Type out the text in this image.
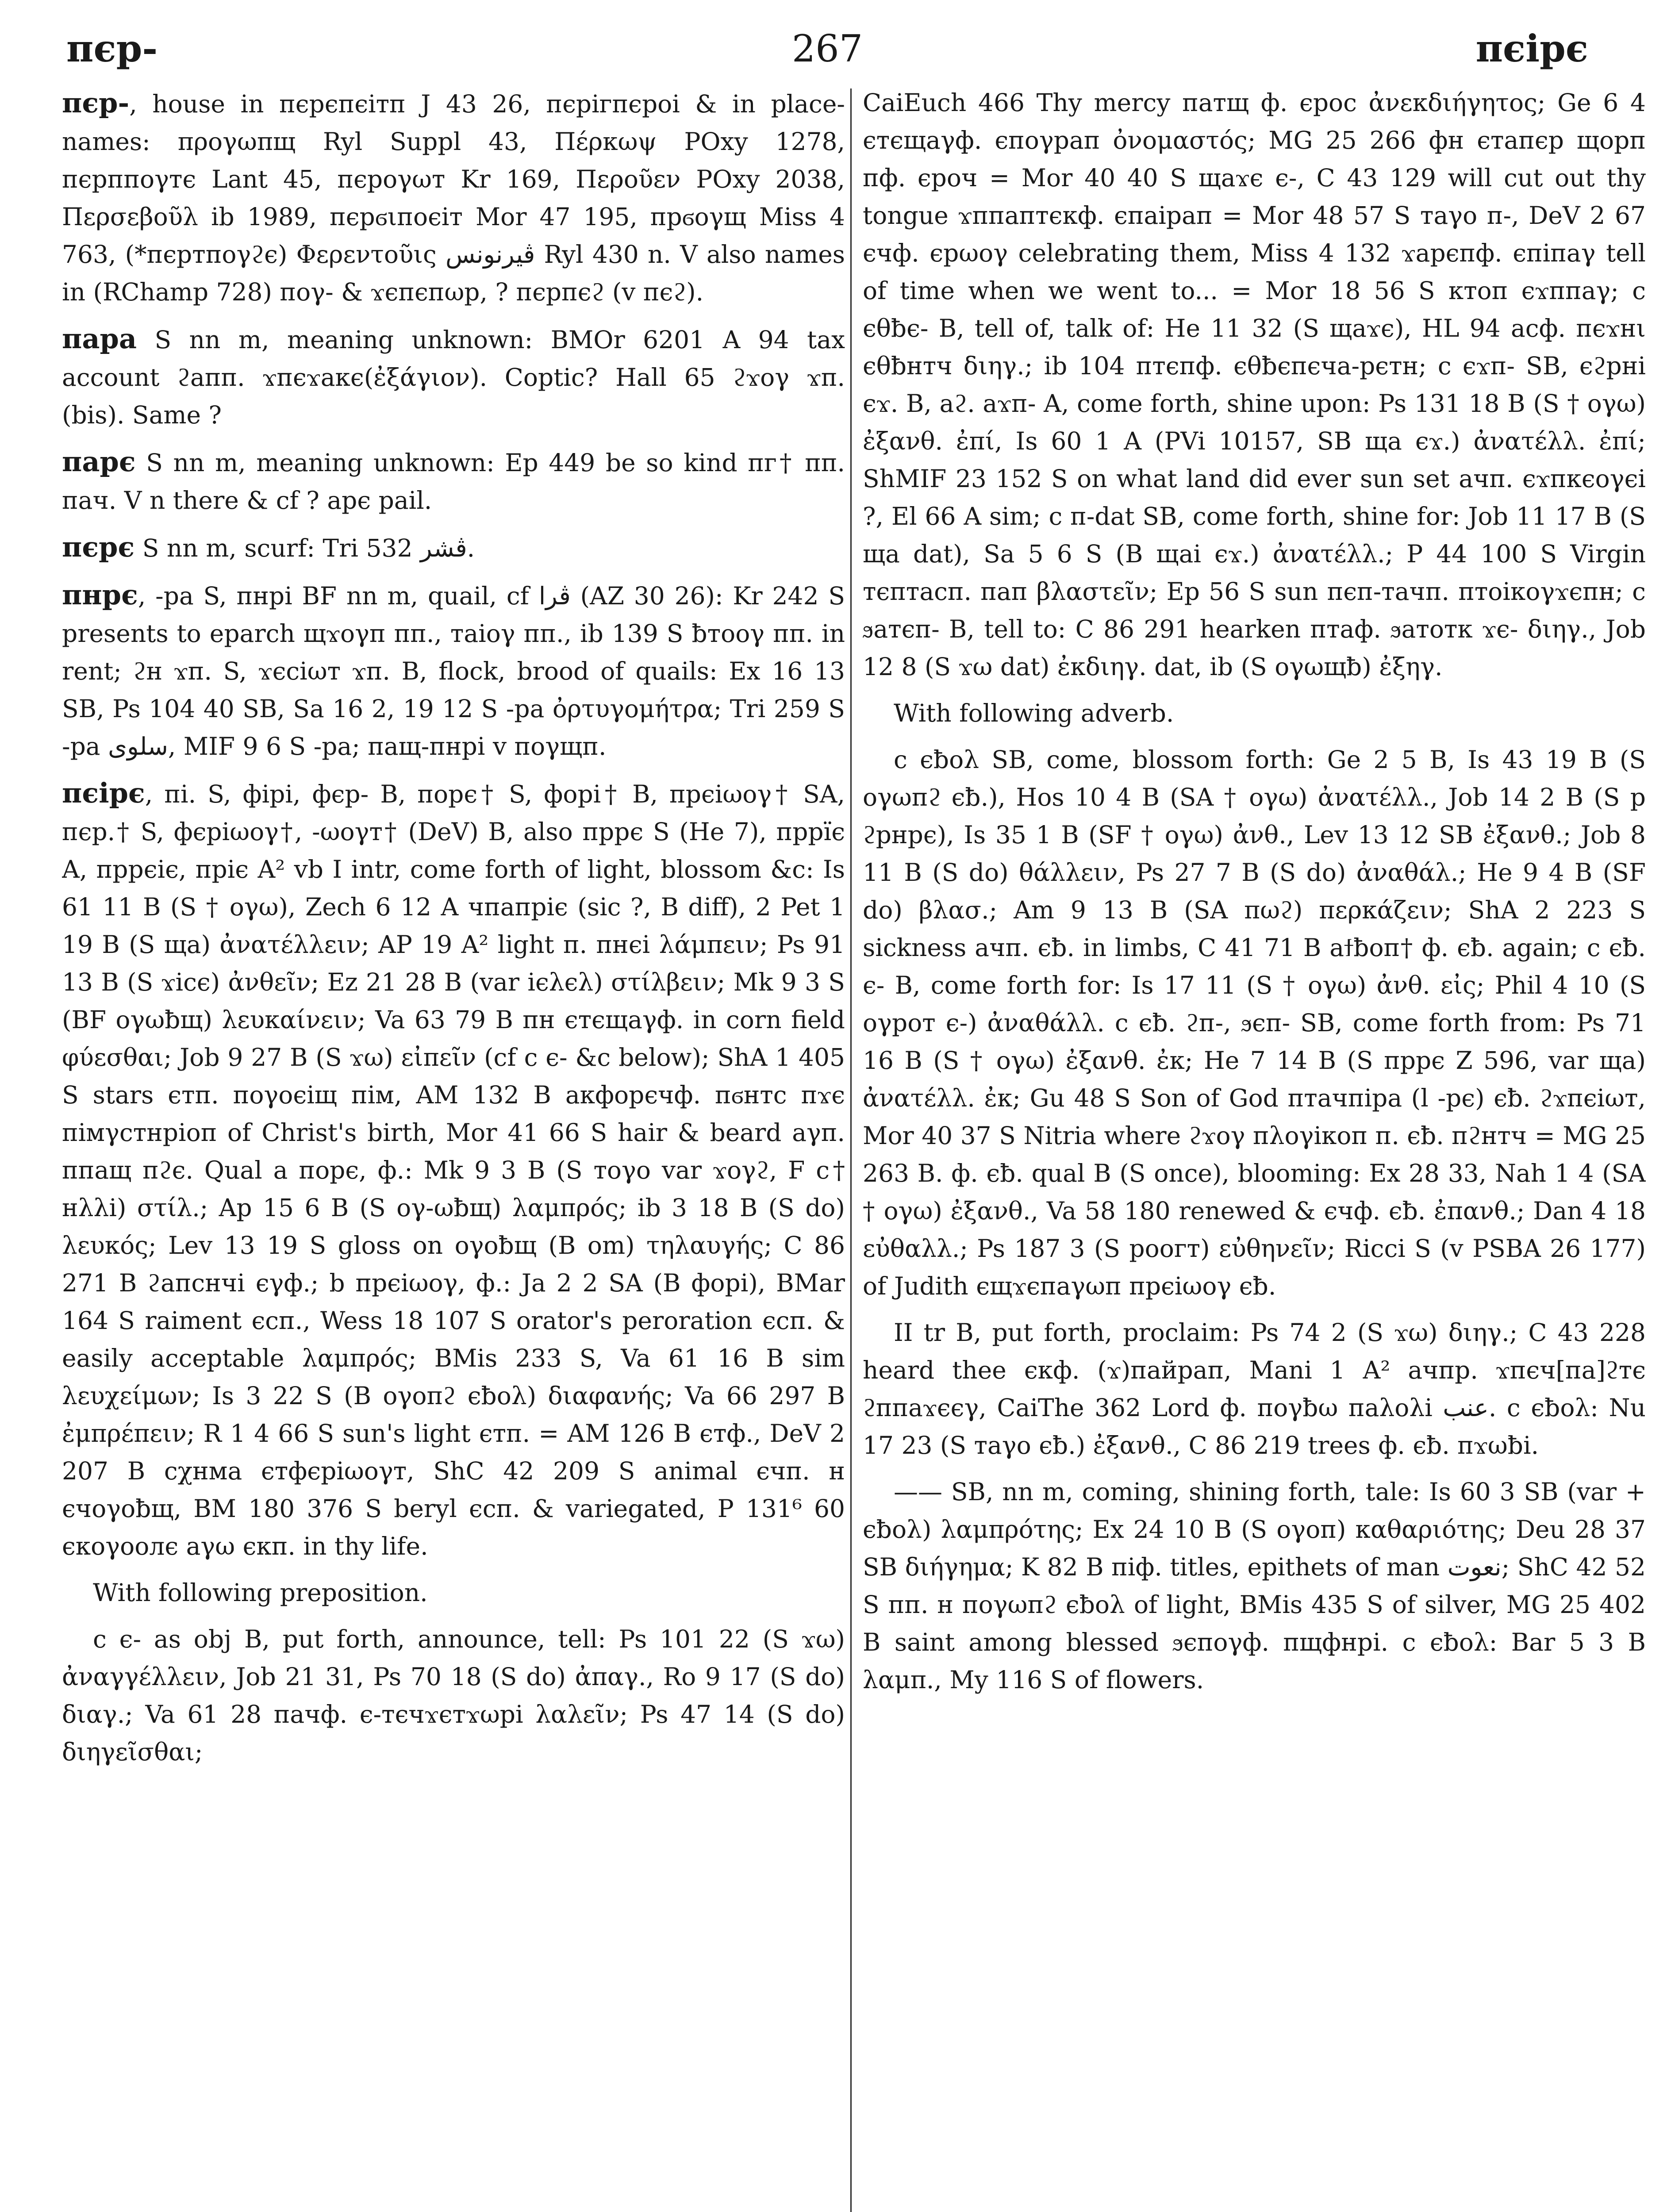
267
пєр-	пєірє

пєр-, house in пєрєпєітп J 43 26, пєрігпєроі & in place-names: προγωπщ Ryl Suppl 43, Πέρκωψ POxy 1278, пєрппоγтє Lant 45, пєроγωт Kr 169, Περοῦεν POxy 2038, Περσεβοῦλ ib 1989, пєрϭιпоєіт Mor 47 195, прϭоγщ Miss 4 763, (*пєртпоγϩє) Φερεντοῦις ڤيرنونس Ryl 430 n. V also names in (RChamp 728) поγ- & ϫєпєпωр, ? пєрпєϩ (v пєϩ).

пара S nn m, meaning unknown: BMOr 6201 A 94 tax account ϩапп. ϫпєϫакє(ἐξάγιον). Coptic? Hall 65 ϩϫоγ ϫп. (bis). Same ?

парє S nn m, meaning unknown: Ep 449 be so kind пг† пп. пач. V n there & cf ? арє pail.

пєрє S nn m, scurf: Tri 532 ڤشر.

пнрє, -ра S, пнрі BF nn m, quail, cf ڤرا (AZ 30 26): Kr 242 S presents to eparch щϫоγп пп., таіоγ пп., ib 139 S ƀтооγ пп. in rent; ϩн ϫп. S, ϫєсіωт ϫп. B, flock, brood of quails: Ex 16 13 SB, Ps 104 40 SB, Sa 16 2, 19 12 S -ра ὀρτυγομήτρα; Tri 259 S -ра سلوى, MIF 9 6 S -ра; пащ-пнрі v поγщп.

пєірє, пі. S, фірі, фєр- B, порє† S, форі† B, прєіωоγ† SA, пєр.† S, фєріωоγ†, -ωоγт† (DeV) B, also пррє S (He 7), пррїє A, пррєіє, пріє A² vb I intr, come forth of light, blossom &c: Is 61 11 B (S † оγω), Zech 6 12 A чпапріє (sic ?, B diff), 2 Pet 1 19 B (S щa) ἀνατέλλειν; AP 19 A² light п. пнєі λάμπειν; Ps 91 13 B (S ϫісє) ἀνθεῖν; Ez 21 28 B (var ієλєλ) στίλβειν; Mk 9 3 S (BF оγωƀщ) λευκαίνειν; Va 63 79 B пн єтєщаγф. in corn field φύεσθαι; Job 9 27 B (S ϫω) εἰπεῖν (cf c є- &c below); ShA 1 405 S stars єтп. поγоєіщ пім, AM 132 B акфорєчф. пϭнтс пϫє пімγстнріоп of Christ's birth, Mor 41 66 S hair & beard аγп. ппащ пϩє. Qual a порє, ф.: Mk 9 3 B (S тоγо var ϫоγϩ, F c† нλλі) στίλ.; Ap 15 6 B (S оγ-ωƀщ) λαμπρός; ib 3 18 B (S do) λευκός; Lev 13 19 S gloss on оγоƀщ (B om) τηλαυγής; C 86 271 B ϩапснчі єγф.; b прєіωоγ, ф.: Ja 2 2 SA (B форі), BMar 164 S raiment єсп., Wess 18 107 S orator's peroration єсп. & easily acceptable λαμπρός; BMis 233 S, Va 61 16 B sim λευχείμων; Is 3 22 S (B оγоπϩ єƀоλ) διαφανής; Va 66 297 B ἐμπρέπειν; R 1 4 66 S sun's light єтп. = AM 126 B єтф., DeV 2 207 B сχнма єтфєріωоγт, ShC 42 209 S animal єчп. н єчоγоƀщ, BM 180 376 S beryl єсп. & variegated, P 131⁶ 60 єкоγоолє аγω єкп. in thy life.

With following preposition.

c є- as obj B, put forth, announce, tell: Ps 101 22 (S ϫω) ἀναγγέλλειν, Job 21 31, Ps 70 18 (S do) ἀπαγ., Ro 9 17 (S do) διαγ.; Va 61 28 пачф. є-тєчϫєтϫωрі λαλεῖν; Ps 47 14 (S do) διηγεῖσθαι;

CaiEuch 466 Thy mercy патщ ф. єрос ἀνεκδιήγητος; Ge 6 4 єтєщаγф. єпоγрап ὀνομαστός; MG 25 266 фн єтапєр щорп пф. єроч = Mor 40 40 S щаϫє є-, C 43 129 will cut out thy tongue ϫппаптєкф. єпаірап = Mor 48 57 S таγо п-, DeV 2 67 єчф. єрωоγ celebrating them, Miss 4 132 ϫарєпф. єпіпаγ tell of time when we went to... = Mor 18 56 S ктоп єϫппаγ; c єθƀє- B, tell of, talk of: He 11 32 (S щаϫє), HL 94 асф. пєϫнι єθƀнтч διηγ.; ib 104 птєпф. єθƀєпєча-рєтн; c єϫп- SB, єϩрні єϫ. B, аϩ. аϫп- A, come forth, shine upon: Ps 131 18 B (S † оγω) ἐξανθ. ἐπί, Is 60 1 A (PVi 10157, SB щa єϫ.) ἀνατέλλ. ἐπί; ShMIF 23 152 S on what land did ever sun set ачп. єϫпкєоγєі ?, El 66 A sim; c п-dat SB, come forth, shine for: Job 11 17 B (S щa dat), Sa 5 6 S (B щаі єϫ.) ἀνατέλλ.; P 44 100 S Virgin тєптасп. пап βλαστεῖν; Ep 56 S sun пєп-тачп. птоікоγϫєпн; c ϧатєп- B, tell to: C 86 291 hearken птаф. ϧатотк ϫє- διηγ., Job 12 8 (S ϫω dat) ἐκδιηγ. dat, ib (S оγωщƀ) ἐξηγ.

With following adverb.

c єƀоλ SB, come, blossom forth: Ge 2 5 B, Is 43 19 B (S оγωпϩ єƀ.), Hos 10 4 B (SA † оγω) ἀνατέλλ., Job 14 2 B (S р ϩрнрє), Is 35 1 B (SF † оγω) ἀνθ., Lev 13 12 SB ἐξανθ.; Job 8 11 B (S do) θάλλειν, Ps 27 7 B (S do) ἀναθάλ.; He 9 4 B (SF do) βλασ.; Am 9 13 B (SA πωϩ) περκάζειν; ShA 2 223 S sickness ачп. єƀ. in limbs, C 41 71 B аϯƀоп† ф. єƀ. again; c єƀ. є- B, come forth for: Is 17 11 (S † оγω) ἀνθ. εἰς; Phil 4 10 (S оγрот є-) ἀναθάλλ. c єƀ. ϩп-, ϧєп- SB, come forth from: Ps 71 16 B (S † оγω) ἐξανθ. ἐκ; He 7 14 B (S пррє Z 596, var щa) ἀνατέλλ. ἐκ; Gu 48 S Son of God птачпіра (l -рє) єƀ. ϩϫпєіωт, Mor 40 37 S Nitria where ϩϫоγ пλоγікоп п. єƀ. пϩнтч = MG 25 263 B. ф. єƀ. qual B (S once), blooming: Ex 28 33, Nah 1 4 (SA † оγω) ἐξανθ., Va 58 180 renewed & єчф. єƀ. ἐπανθ.; Dan 4 18 εὐθαλλ.; Ps 187 3 (S роогт) εὐθηνεῖν; Ricci S (v PSBA 26 177) of Judith єщϫєпаγωп прєіωоγ єƀ.

II tr B, put forth, proclaim: Ps 74 2 (S ϫω) διηγ.; C 43 228 heard thee єкф. (ϫ)пайрап, Mani 1 A² ачпр. ϫпєч[па]ϩтє ϩппаϫєєγ, CaiThe 362 Lord ф. поγƀω паλоλі عنب. c єƀоλ: Nu 17 23 (S таγо єƀ.) ἐξανθ., C 86 219 trees ф. єƀ. пϫωƀі.

—— SB, nn m, coming, shining forth, tale: Is 60 3 SB (var + єƀоλ) λαμπρότης; Ex 24 10 B (S оγоп) καθαριότης; Deu 28 37 SB διήγημα; K 82 B піф. titles, epithets of man نعوت; ShC 42 52 S пп. н поγωпϩ єƀоλ of light, BMis 435 S of silver, MG 25 402 B saint among blessed ϧєпоγф. пщфнрі. c єƀоλ: Bar 5 3 B λαμπ., My 116 S of flowers.
